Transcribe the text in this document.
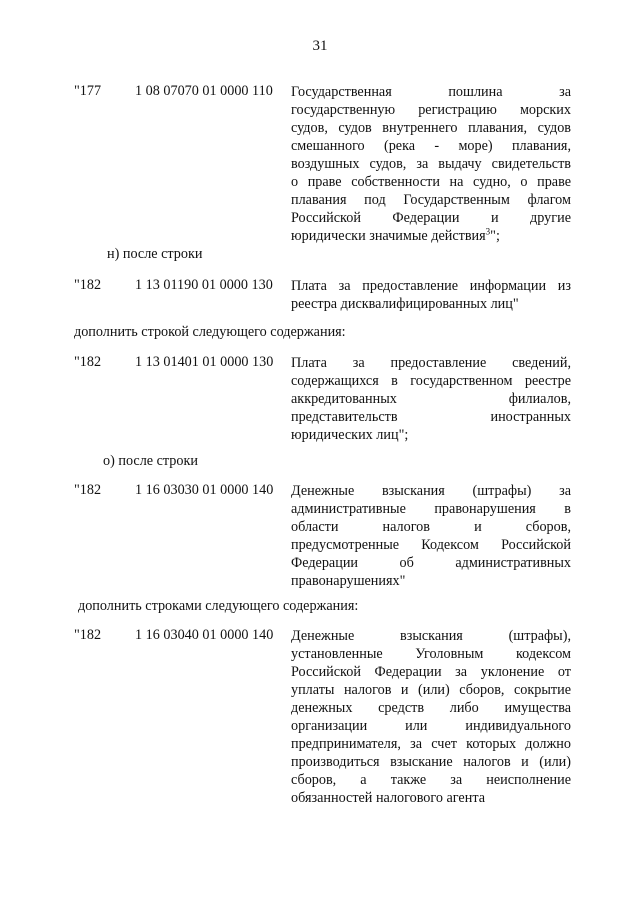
31
"177 1 08 07070 01 0000 110 Государственная пошлина за
государственную регистрацию морских
судов, судов внутреннего плавания, судов
смешанного (река - море) плавания,
воздушных судов, за выдачу свидетельств
о праве собственности на судно, о праве
плавания под Государственным флагом
Российской Федерации и другие
юридически значимые действия$^3$";
н) после строки
"182 1 13 01190 01 0000 130 Плата за предоставление информации из
реестра дисквалифицированных лиц"
дополнить строкой следующего содержания:
"182 1 13 01401 01 0000 130 Плата за предоставление сведений,
содержащихся в государственном реестре
аккредитованных филиалов,
представительств иностранных
юридических лиц";
о) после строки
"182 1 16 03030 01 0000 140 Денежные взыскания (штрафы) за
административные правонарушения в
области налогов и сборов,
предусмотренные Кодексом Российской
Федерации об административных
правонарушениях"
дополнить строками следующего содержания:
"182 1 16 03040 01 0000 140 Денежные взыскания (штрафы),
установленные Уголовным кодексом
Российской Федерации за уклонение от
уплаты налогов и (или) сборов, сокрытие
денежных средств либо имущества
организации или индивидуального
предпринимателя, за счет которых должно
производиться взыскание налогов и (или)
сборов, а также за неисполнение
обязанностей налогового агента
